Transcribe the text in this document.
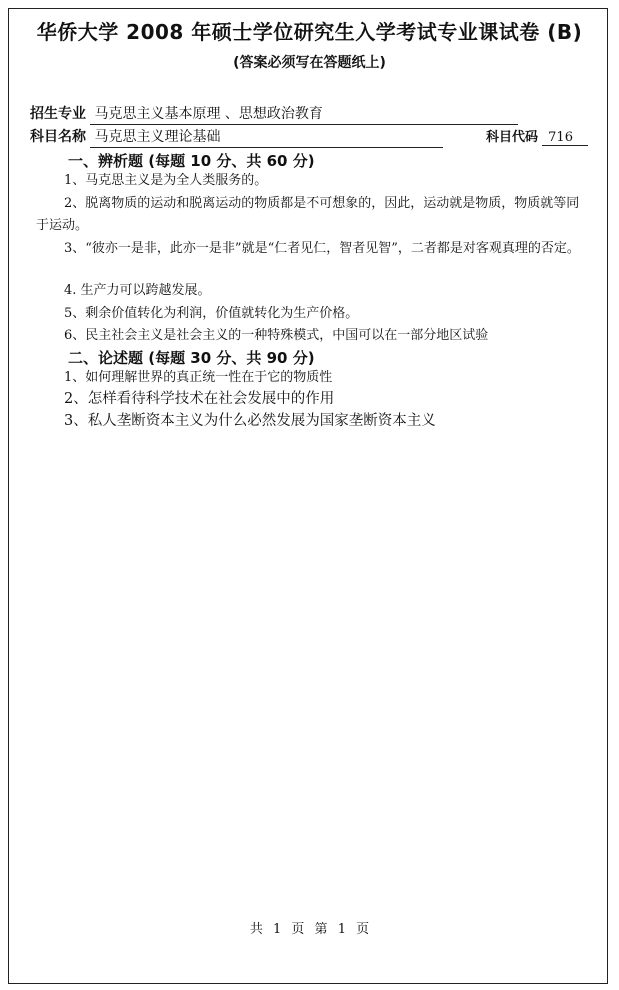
华侨大学 2008 年硕士学位研究生入学考试专业课试卷 (B)
(答案必须写在答题纸上)
招生专业 马克思主义基本原理 、思想政治教育
科目名称 马克思主义理论基础	科目代码 716
一、辨析题 (每题 10 分、共 60 分)
1、马克思主义是为全人类服务的。
2、脱离物质的运动和脱离运动的物质都是不可想象的，因此，运动就是物质，物质就等同于运动。
3、“彼亦一是非，此亦一是非”就是“仁者见仁，智者见智”，二者都是对客观真理的否定。
4. 生产力可以跨越发展。
5、剩余价值转化为利润，价值就转化为生产价格。
6、民主社会主义是社会主义的一种特殊模式，中国可以在一部分地区试验
二、论述题 (每题 30 分、共 90 分)
1、如何理解世界的真正统一性在于它的物质性
2、怎样看待科学技术在社会发展中的作用
3、私人垄断资本主义为什么必然发展为国家垄断资本主义
共 1 页 第 1 页
